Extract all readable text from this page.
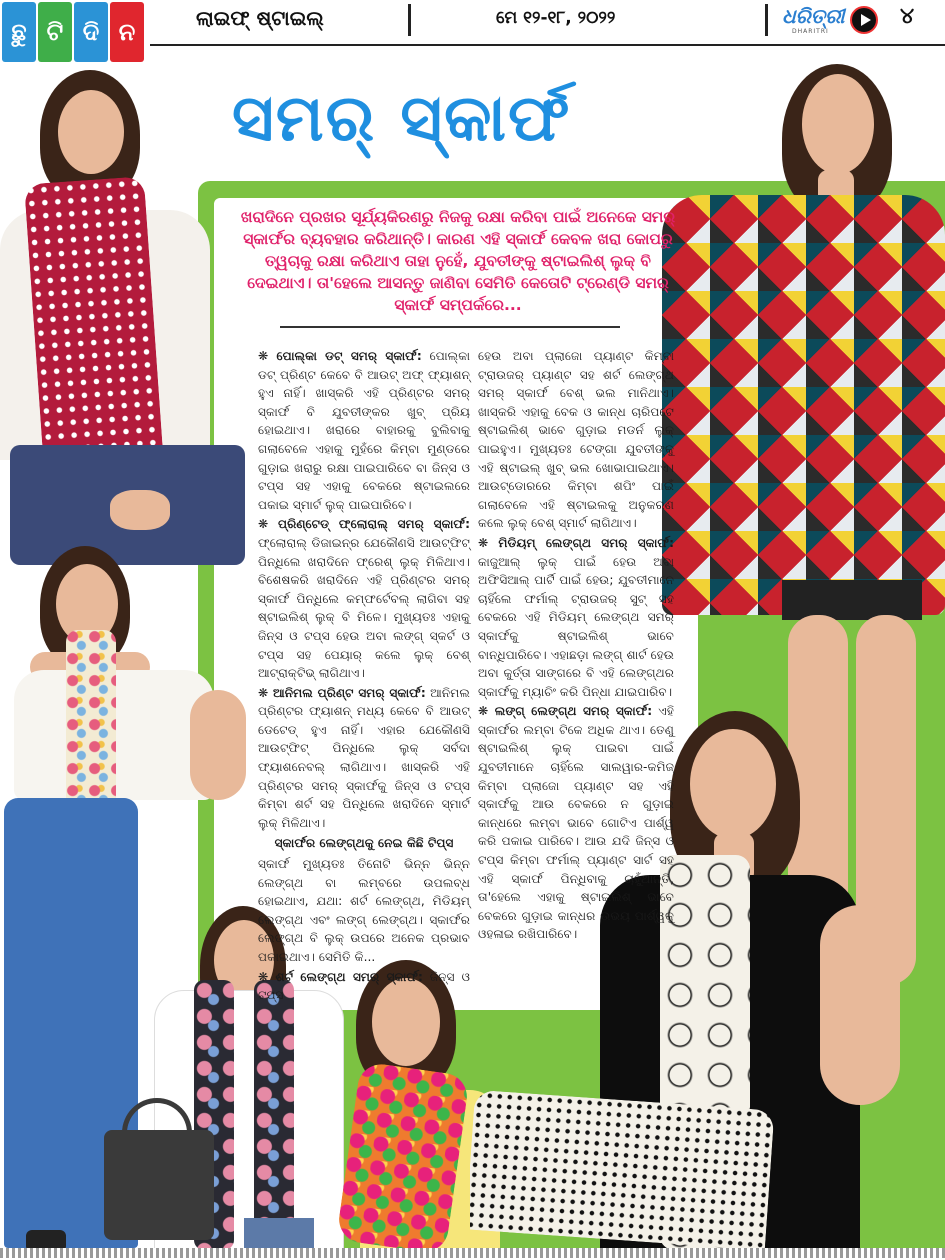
ଛୁ ଟି ଦି ନ	ଲାଇଫ୍ ଷ୍ଟାଇଲ୍	ମେ ୧୨-୧୮, ୨୦୨୨	ଧରିତ୍ରୀ
DHARITRI
୪
ସମର୍ ସ୍କାର୍ଫ
ଖରାଦିନେ ପ୍ରଖର ସୂର୍ଯ୍ୟକିରଣରୁ ନିଜକୁ ରକ୍ଷା କରିବା ପାଇଁ ଅନେକେ ସମର୍ ସ୍କାର୍ଫର ବ୍ୟବହାର କରିଥାନ୍ତି। କାରଣ ଏହି ସ୍କାର୍ଫ କେବଳ ଖରା କୋପରୁ ତ୍ୱଚାକୁ ରକ୍ଷା କରିଥାଏ ତାହା ନୁହେଁ, ଯୁବତୀଙ୍କୁ ଷ୍ଟାଇଲିଶ୍ ଲୁକ୍ ବି ଦେଇଥାଏ। ତା'ହେଲେ ଆସନ୍ତୁ ଜାଣିବା ସେମିତି କେତୋଟି ଟ୍ରେଣ୍ଡି ସମର୍ ସ୍କାର୍ଫ ସମ୍ପର୍କରେ...

❋ ପୋଲ୍କା ଡଟ୍ ସମର୍ ସ୍କାର୍ଫ: ପୋଲ୍କା ଡଟ୍ ପ୍ରିଣ୍ଟ କେବେ ବି ଆଉଟ୍ ଅଫ୍ ଫ୍ୟାଶନ୍ ହୁଏ ନାହିଁ। ଖାସ୍‌କରି ଏହି ପ୍ରିଣ୍ଟର ସମର୍ ସ୍କାର୍ଫ ବି ଯୁବତୀଙ୍କର ଖୁବ୍ ପ୍ରିୟ ହୋଇଥାଏ। ଖରାରେ ବାହାରକୁ ବୁଲିବାକୁ ଗଲାବେଳେ ଏହାକୁ ମୁହଁରେ କିମ୍ବା ମୁଣ୍ଡରେ ଗୁଡ଼ାଇ ଖରାରୁ ରକ୍ଷା ପାଇପାରିବେ ବା ଜିନ୍ସ ଓ ଟପ୍ସ ସହ ଏହାକୁ ବେକରେ ଷ୍ଟାଇଲରେ ପକାଇ ସ୍ମାର୍ଟ ଲୁକ୍ ପାଇପାରିବେ।

❋ ପ୍ରିଣ୍ଟେଡ୍ ଫ୍ଲୋରାଲ୍ ସମର୍ ସ୍କାର୍ଫ: ଫ୍ଲୋରାଲ୍ ଡିଜାଇନ୍‌ର ଯେକୌଣସି ଆଉଟ୍‌ଫିଟ୍ ପିନ୍ଧିଲେ ଖରାଦିନେ ଫ୍ରେଶ୍ ଲୁକ୍ ମିଳିଥାଏ। ବିଶେଷକରି ଖରାଦିନେ ଏହି ପ୍ରିଣ୍ଟର ସମର୍ ସ୍କାର୍ଫ ପିନ୍ଧିଲେ କମ୍ଫର୍ଟେବଲ୍ ଲାଗିବା ସହ ଷ୍ଟାଇଲିଶ୍ ଲୁକ୍ ବି ମିଳେ। ମୁଖ୍ୟତଃ ଏହାକୁ ଜିନ୍ସ ଓ ଟପ୍ସ ହେଉ ଅବା ଲଙ୍ଗ୍ ସ୍କର୍ଟ ଓ ଟପ୍ସ ସହ ପେୟାର୍ କଲେ ଲୁକ୍ ବେଶ୍ ଆଟ୍ରାକ୍ଟିଭ୍ ଲାଗିଥାଏ।

❋ ଆନିମଲ ପ୍ରିଣ୍ଟ ସମର୍ ସ୍କାର୍ଫ: ଆନିମଲ ପ୍ରିଣ୍ଟର ଫ୍ୟାଶନ୍ ମଧ୍ୟ କେବେ ବି ଆଉଟ୍ ଡେଟେଡ୍ ହୁଏ ନାହିଁ। ଏହାର ଯେକୌଣସି ଆଉଟ୍‌ଫିଟ୍ ପିନ୍ଧିଲେ ଲୁକ୍ ସର୍ବଦା ଫ୍ୟାଶନେବଲ୍ ଲାଗିଥାଏ। ଖାସ୍‌କରି ଏହି ପ୍ରିଣ୍ଟର ସମର୍ ସ୍କାର୍ଫକୁ ଜିନ୍ସ ଓ ଟପ୍ସ କିମ୍ବା ଶର୍ଟ ସହ ପିନ୍ଧିଲେ ଖରାଦିନେ ସ୍ମାର୍ଟ ଲୁକ୍ ମିଳିଥାଏ।

ସ୍କାର୍ଫର ଲେଙ୍ଗ୍‌ଥକୁ ନେଇ କିଛି ଟିପ୍ସ

ସ୍କାର୍ଫ ମୁଖ୍ୟତଃ ତିନୋଟି ଭିନ୍ନ ଭିନ୍ନ ଲେଙ୍ଗ୍‌ଥ ବା ଲମ୍ବରେ ଉପଲବ୍ଧ ହୋଇଥାଏ, ଯଥା: ଶର୍ଟ ଲେଙ୍ଗ୍‌ଥ, ମିଡିୟମ୍ ଲେଙ୍ଗ୍‌ଥ ଏବଂ ଲଙ୍ଗ୍ ଲେଙ୍ଗ୍‌ଥ। ସ୍କାର୍ଫର ଲେଙ୍ଗ୍‌ଥ ବି ଲୁକ୍ ଉପରେ ଅନେକ ପ୍ରଭାବ ପକାଇଥାଏ। ସେମିତି କି...

❋ ଶର୍ଟ ଲେଙ୍ଗ୍‌ଥ ସମର୍ ସ୍କାର୍ଫ: ଜିନ୍ସ ଓ ଟପ୍ସ

ହେଉ ଅବା ପ୍ଲାଜୋ ପ୍ୟାଣ୍ଟ କିମ୍ବା ଟ୍ରାଉଜର୍ ପ୍ୟାଣ୍ଟ ସହ ଶର୍ଟ ଲେଙ୍ଗ୍‌ଥ ସମର୍ ସ୍କାର୍ଫ ବେଶ୍ ଭଲ ମାନିଥାଏ। ଖାସ୍‌କରି ଏହାକୁ ବେକ ଓ କାନ୍ଧ ଚାରିପଟେ ଷ୍ଟାଇଲିଶ୍ ଭାବେ ଗୁଡ଼ାଇ ମଡର୍ନ ଲୁକ୍ ପାଇହୁଏ। ମୁଖ୍ୟତଃ ଟେଙ୍ଗା ଯୁବତୀଙ୍କୁ ଏହି ଷ୍ଟାଇଲ୍ ଖୁବ୍ ଭଲ ଖୋଭାପାଇଥାଏ। ଆଉଟ୍‌ଡୋରରେ କିମ୍ବା ଶପିଂ ପାଇଁ ଗଲାବେଳେ ଏହି ଷ୍ଟାଇଲକୁ ଅନୁକରଣ କଲେ ଲୁକ୍ ବେଶ୍ ସ୍ମାର୍ଟ ଲାଗିଥାଏ।

❋ ମିଡିୟମ୍ ଲେଙ୍ଗ୍‌ଥ ସମର୍ ସ୍କାର୍ଫ: କାଜୁଆଲ୍ ଲୁକ୍ ପାଇଁ ହେଉ ଅବା ଅଫିସିଆଲ୍ ପାର୍ଟି ପାଇଁ ହେଉ; ଯୁବତୀମାନେ ଚାହିଁଲେ ଫର୍ମାଲ୍ ଟ୍ରାଉଜର୍ ସୁଟ୍ ସହ ବେକରେ ଏହି ମିଡିୟମ୍ ଲେଙ୍ଗ୍‌ଥ ସମର୍ ସ୍କାର୍ଫକୁ ଷ୍ଟାଇଲିଶ୍ ଭାବେ ବାନ୍ଧିପାରିବେ। ଏହାଛଡ଼ା ଲଙ୍ଗ୍ ଶାର୍ଟ ହେଉ ଅବା କୁର୍ତ୍ତା ସାଙ୍ଗରେ ବି ଏହି ଲେଙ୍ଗ୍‌ଥର ସ୍କାର୍ଫକୁ ମ୍ୟାଚିଂ କରି ପିନ୍ଧା ଯାଇପାରିବ।

❋ ଲଙ୍ଗ୍ ଲେଙ୍ଗ୍‌ଥ ସମର୍ ସ୍କାର୍ଫ: ଏହି ସ୍କାର୍ଫର ଲମ୍ବା ଟିକେ ଅଧିକ ଥାଏ। ତେଣୁ ଷ୍ଟାଇଲିଶ୍ ଲୁକ୍ ପାଇବା ପାଇଁ ଯୁବତୀମାନେ ଚାହିଁଲେ ସାଲୱାର-କମିଜ୍ କିମ୍ବା ପ୍ଲାଜୋ ପ୍ୟାଣ୍ଟ ସହ ଏହି ସ୍କାର୍ଫକୁ ଆଉ ବେକରେ ନ ଗୁଡ଼ାଇ କାନ୍ଧରେ ଲମ୍ବା ଭାବେ ଗୋଟିଏ ପାର୍ଶ୍ୱ କରି ପକାଇ ପାରିବେ। ଆଉ ଯଦି ଜିନ୍ସ ଓ ଟପ୍ସ କିମ୍ବା ଫର୍ମାଲ୍ ପ୍ୟାଣ୍ଟ ସାର୍ଟ ସହ ଏହି ସ୍କାର୍ଫ ପିନ୍ଧିବାକୁ ଚାହୁଁଥାନ୍ତି, ତା'ହେଲେ ଏହାକୁ ଷ୍ଟାଇଲିଶ୍ ଭାବେ ବେକରେ ଗୁଡ଼ାଇ କାନ୍ଧର ଉଭୟ ପାର୍ଶ୍ୱକୁ ଓହଳାଇ ରଖିପାରିବେ।
